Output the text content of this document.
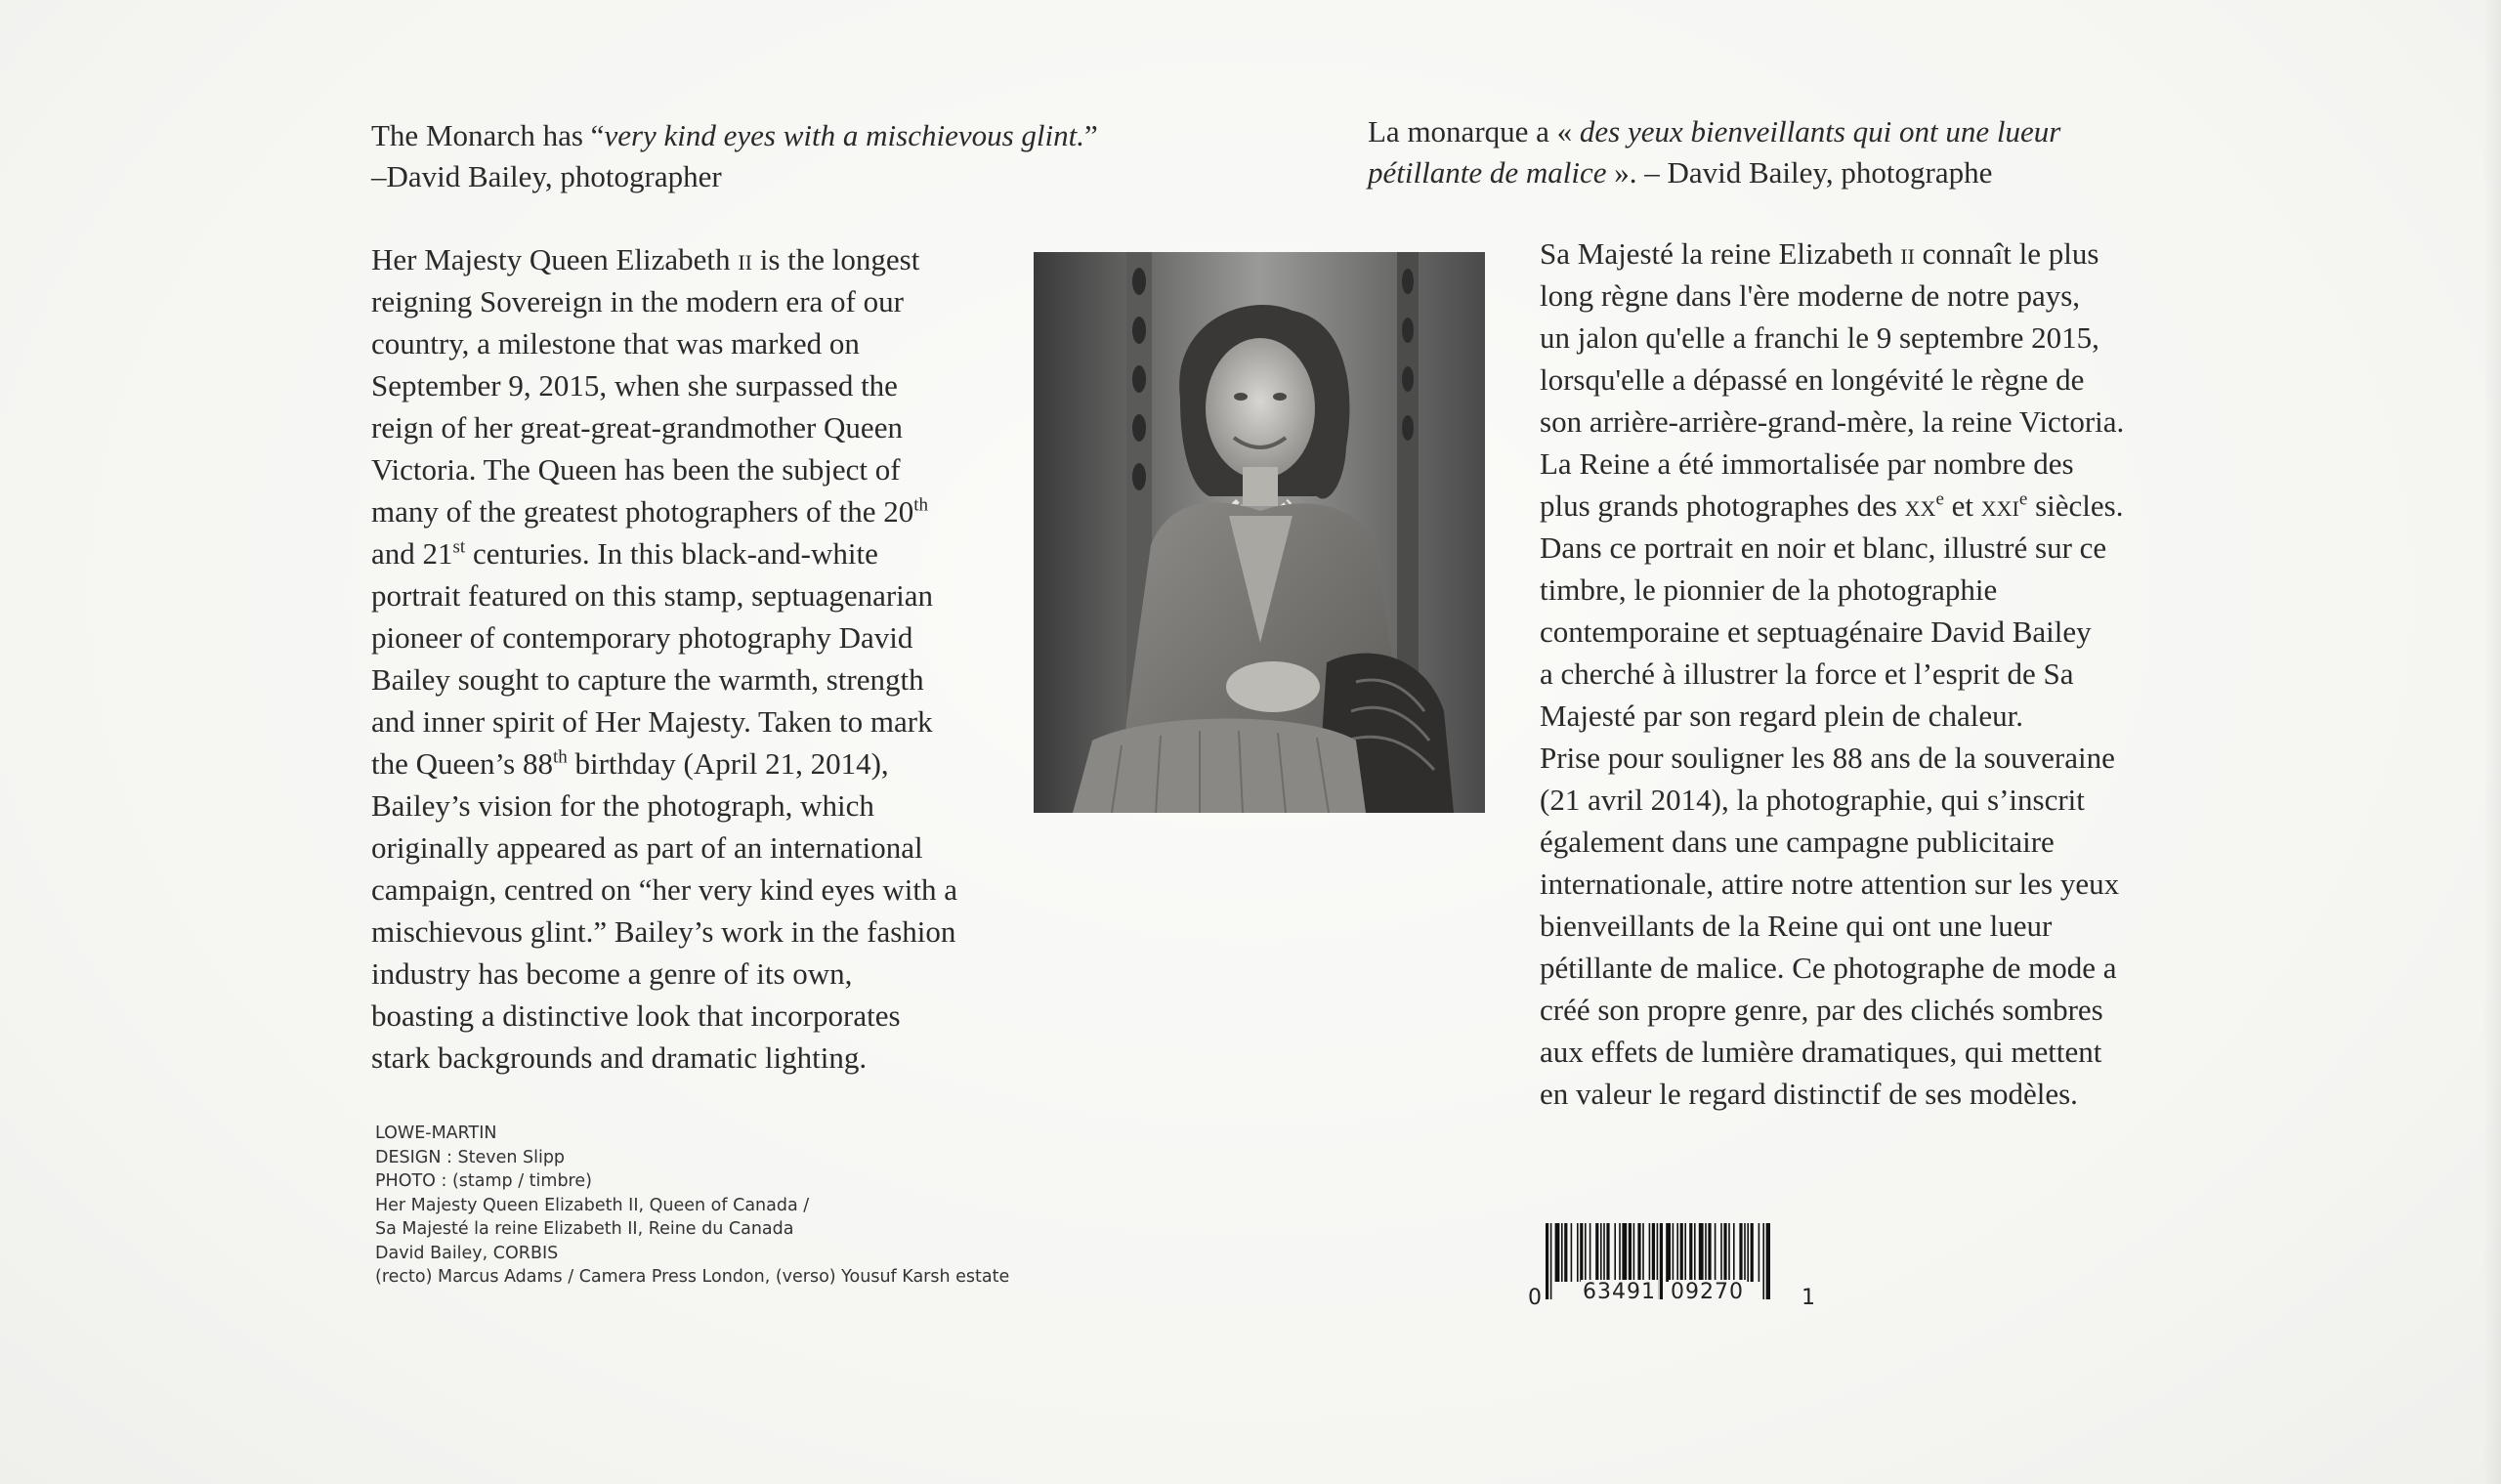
The Monarch has “very kind eyes with a mischievous glint.”
–David Bailey, photographer
La monarque a « des yeux bienveillants qui ont une lueur
pétillante de malice ». – David Bailey, photographe
Her Majesty Queen Elizabeth ii is the longest
reigning Sovereign in the modern era of our
country, a milestone that was marked on
September 9, 2015, when she surpassed the
reign of her great-great-grandmother Queen
Victoria. The Queen has been the subject of
many of the greatest photographers of the 20th
and 21st centuries. In this black-and-white
portrait featured on this stamp, septuagenarian
pioneer of contemporary photography David
Bailey sought to capture the warmth, strength
and inner spirit of Her Majesty. Taken to mark
the Queen’s 88th birthday (April 21, 2014),
Bailey’s vision for the photograph, which
originally appeared as part of an international
campaign, centred on “her very kind eyes with a
mischievous glint.” Bailey’s work in the fashion
industry has become a genre of its own,
boasting a distinctive look that incorporates
stark backgrounds and dramatic lighting.
Sa Majesté la reine Elizabeth ii connaît le plus
long règne dans l'ère moderne de notre pays,
un jalon qu'elle a franchi le 9 septembre 2015,
lorsqu'elle a dépassé en longévité le règne de
son arrière-arrière-grand-mère, la reine Victoria.
La Reine a été immortalisée par nombre des
plus grands photographes des $xx^e$ et xxi$^e$ siècles.
Dans ce portrait en noir et blanc, illustré sur ce
timbre, le pionnier de la photographie
contemporaine et septuagénaire David Bailey
a cherché à illustrer la force et l’esprit de Sa
Majesté par son regard plein de chaleur.
Prise pour souligner les 88 ans de la souveraine
(21 avril 2014), la photographie, qui s’inscrit
également dans une campagne publicitaire
internationale, attire notre attention sur les yeux
bienveillants de la Reine qui ont une lueur
pétillante de malice. Ce photographe de mode a
créé son propre genre, par des clichés sombres
aux effets de lumière dramatiques, qui mettent
en valeur le regard distinctif de ses modèles.
LOWE-MARTIN
DESIGN : Steven Slipp
PHOTO : (stamp / timbre)
Her Majesty Queen Elizabeth II, Queen of Canada /
Sa Majesté la reine Elizabeth II, Reine du Canada
David Bailey, CORBIS
(recto) Marcus Adams / Camera Press London, (verso) Yousuf Karsh estate
0 63491 09270	1
